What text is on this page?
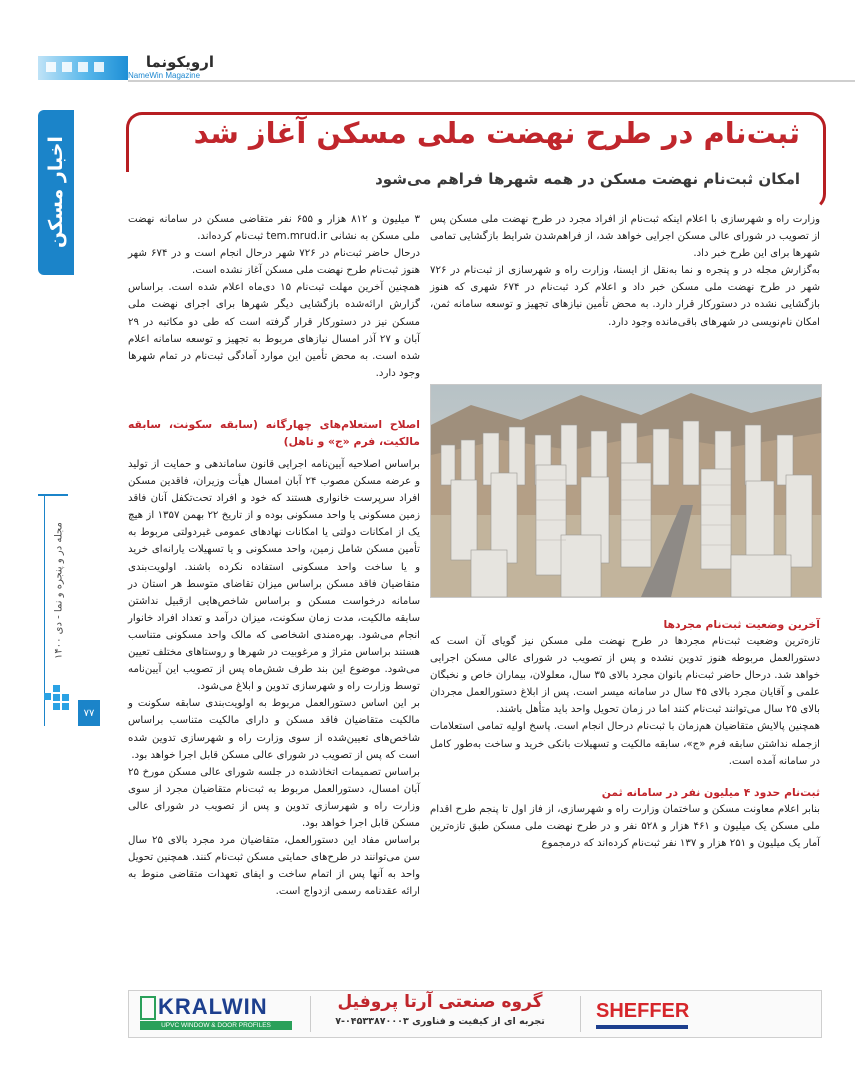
ارویکو‌نما
NameWin Magazine
اخبار مسکن
مجله در و پنجره و نما - دی ۱۴۰۰
۷۷
ثبت‌نام در طرح نهضت ملی مسکن آغاز شد
امکان ثبت‌نام نهضت مسکن در همه شهرها فراهم می‌شود

وزارت راه و شهرسازی با اعلام اینکه ثبت‌نام از افراد مجرد در طرح نهضت ملی مسکن پس از تصویب در شورای عالی مسکن اجرایی خواهد شد، از فراهم‌شدن شرایط بازگشایی تمامی شهرها برای این طرح خبر داد.

به‌گزارش مجله در و پنجره و نما به‌نقل از ایسنا، وزارت راه و شهرسازی از ثبت‌نام در ۷۲۶ شهر در طرح نهضت ملی مسکن خبر داد و اعلام کرد ثبت‌نام در ۶۷۴ شهری که هنوز بازگشایی نشده در دستورکار قرار دارد. به محض تأمین نیازهای تجهیز و توسعه سامانه ثمن، امکان نام‌نویسی در شهرهای باقی‌مانده وجود دارد.

آخرین وضعیت ثبت‌نام مجردها

تازه‌ترین وضعیت ثبت‌نام مجردها در طرح نهضت ملی مسکن نیز گویای آن است که دستورالعمل مربوطه هنوز تدوین نشده و پس از تصویب در شورای عالی مسکن اجرایی خواهد شد. درحال حاضر ثبت‌نام بانوان مجرد بالای ۳۵ سال، معلولان، بیماران خاص و نخبگان علمی و آقایان مجرد بالای ۴۵ سال در سامانه میسر است. پس از ابلاغ دستورالعمل مجردان بالای ۲۵ سال می‌توانند ثبت‌نام کنند اما در زمان تحویل واحد باید متأهل باشند.

همچنین پالایش متقاضیان هم‌زمان با ثبت‌نام درحال انجام است. پاسخ اولیه تمامی استعلامات ازجمله نداشتن سابقه فرم «ج»، سابقه مالکیت و تسهیلات بانکی خرید و ساخت به‌طور کامل در سامانه آمده است.

ثبت‌نام حدود ۴ میلیون نفر در سامانه ثمن

بنابر اعلام معاونت مسکن و ساختمان وزارت راه و شهرسازی، از فاز اول تا پنجم طرح اقدام ملی مسکن یک میلیون و ۴۶۱ هزار و ۵۲۸ نفر و در طرح نهضت ملی مسکن طبق تازه‌ترین آمار یک میلیون و ۲۵۱ هزار و ۱۳۷ نفر ثبت‌نام کرده‌اند که درمجموع

۳ میلیون و ۸۱۲ هزار و ۶۵۵ نفر متقاضی مسکن در سامانه نهضت ملی مسکن به نشانی tem.mrud.ir ثبت‌نام کرده‌اند.

درحال حاضر ثبت‌نام در ۷۲۶ شهر درحال انجام است و در ۶۷۴ شهر هنوز ثبت‌نام طرح نهضت ملی مسکن آغاز نشده است.

همچنین آخرین مهلت ثبت‌نام ۱۵ دی‌ماه اعلام شده است. براساس گزارش ارائه‌شده بازگشایی دیگر شهرها برای اجرای نهضت ملی مسکن نیز در دستورکار قرار گرفته است که طی دو مکاتبه در ۲۹ آبان و ۲۷ آذر امسال نیازهای مربوط به تجهیز و توسعه سامانه اعلام شده است. به محض تأمین این موارد آمادگی ثبت‌نام در تمام شهرها وجود دارد.

اصلاح استعلام‌های چهارگانه (سابقه سکونت، سابقه مالکیت، فرم «ج» و تاهل)

براساس اصلاحیه آیین‌نامه اجرایی قانون ساماندهی و حمایت از تولید و عرضه مسکن مصوب ۲۴ آبان امسال هیأت وزیران، فاقدین مسکن افراد سرپرست خانواری هستند که خود و افراد تحت‌تکفل آنان فاقد زمین مسکونی یا واحد مسکونی بوده و از تاریخ ۲۲ بهمن ۱۳۵۷ از هیچ یک از امکانات دولتی یا امکانات نهادهای عمومی غیردولتی مربوط به تأمین مسکن شامل زمین، واحد مسکونی و یا تسهیلات یارانه‌ای خرید و یا ساخت واحد مسکونی استفاده نکرده باشند. اولویت‌بندی متقاضیان فاقد مسکن براساس میزان تقاضای متوسط هر استان در سامانه درخواست مسکن و براساس شاخص‌هایی ازقبیل نداشتن سابقه مالکیت، مدت زمان سکونت، میزان درآمد و تعداد افراد خانوار انجام می‌شود. بهره‌مندی اشخاصی که مالک واحد مسکونی متناسب هستند براساس متراژ و مرغوبیت در شهرها و روستاهای مختلف تعیین می‌شود. موضوع این بند طرف شش‌ماه پس از تصویب این آیین‌نامه توسط وزارت راه و شهرسازی تدوین و ابلاغ می‌شود.

بر این اساس دستورالعمل مربوط به اولویت‌بندی سابقه سکونت و مالکیت متقاضیان فاقد مسکن و دارای مالکیت متناسب براساس شاخص‌های تعیین‌شده از سوی وزارت راه و شهرسازی تدوین شده است که پس از تصویب در شورای عالی مسکن قابل اجرا خواهد بود.

براساس تصمیمات اتخاذشده در جلسه شورای عالی مسکن مورخ ۲۵ آبان امسال، دستورالعمل مربوط به ثبت‌نام متقاضیان مجرد از سوی وزارت راه و شهرسازی تدوین و پس از تصویب در شورای عالی مسکن قابل اجرا خواهد بود.

براساس مفاد این دستورالعمل، متقاضیان مرد مجرد بالای ۲۵ سال سن می‌توانند در طرح‌های حمایتی مسکن ثبت‌نام کنند. همچنین تحویل واحد به آنها پس از اتمام ساخت و ایفای تعهدات متقاضی منوط به ارائه عقدنامه رسمی ازدواج است.

KRALWIN
UPVC WINDOW & DOOR PROFILES
گروه صنعتی آرتا پروفیل
تجربه ای از کیفیت و فناوری ۰۴۵۳۳۸۷۰۰۰۳-۷	SHEFFER
